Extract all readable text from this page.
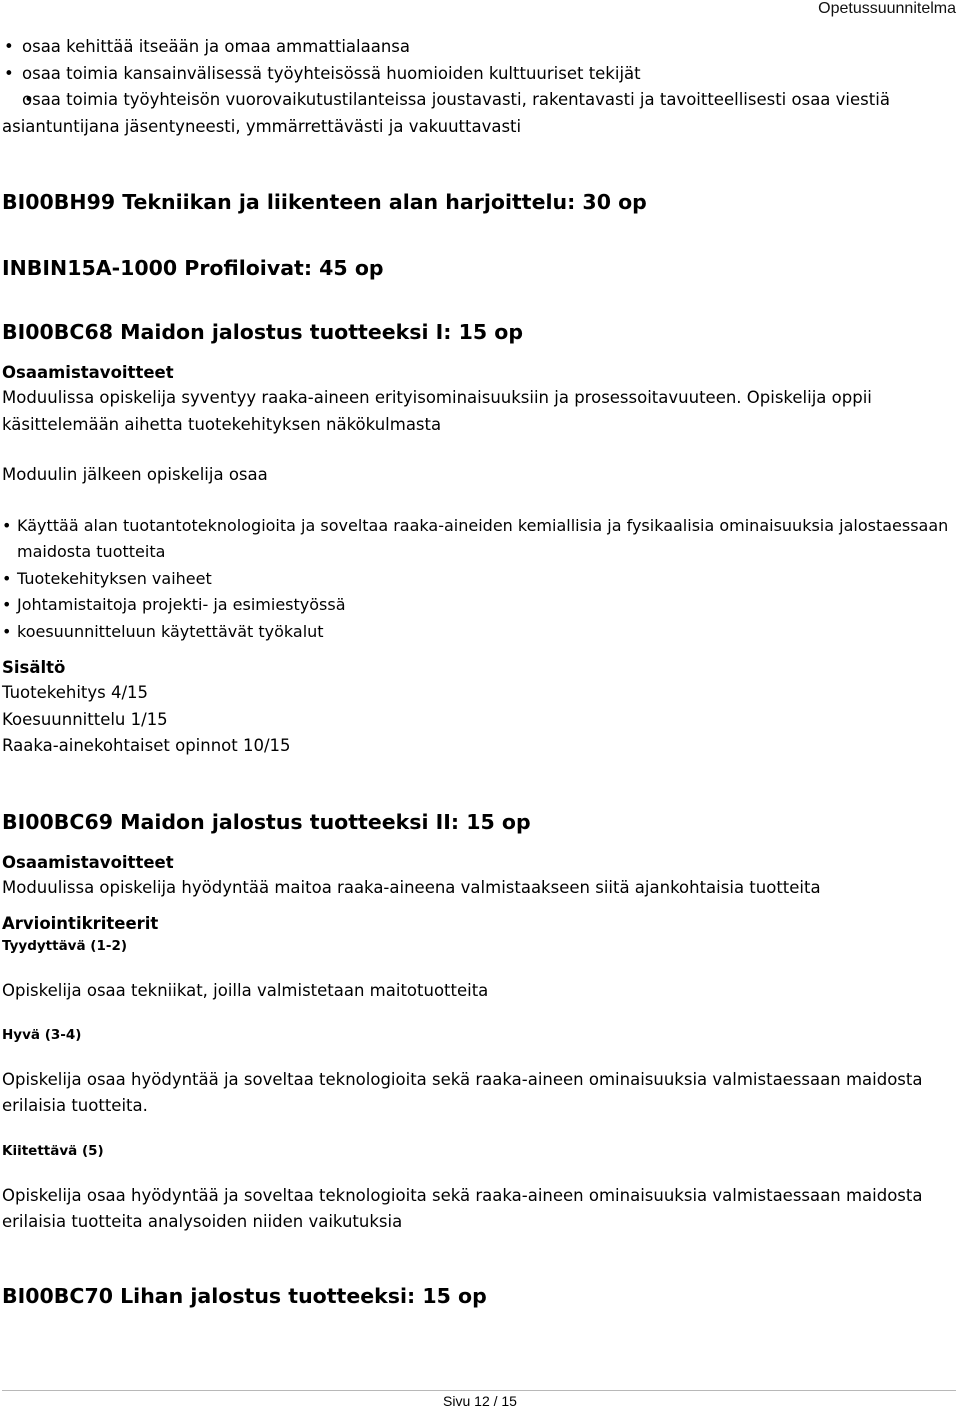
Opetussuunnitelma
• osaa kehittää itseään ja omaa ammattialaansa
• osaa toimia kansainvälisessä työyhteisössä huomioiden kulttuuriset tekijät
• osaa toimia työyhteisön vuorovaikutustilanteissa joustavasti, rakentavasti ja tavoitteellisesti osaa viestiä asiantuntijana jäsentyneesti, ymmärrettävästi ja vakuuttavasti
BI00BH99 Tekniikan ja liikenteen alan harjoittelu: 30 op
INBIN15A-1000 Profiloivat: 45 op
BI00BC68 Maidon jalostus tuotteeksi I: 15 op
Osaamistavoitteet
Moduulissa opiskelija syventyy raaka-aineen erityisominaisuuksiin ja prosessoitavuuteen. Opiskelija oppii käsittelemään aihetta tuotekehityksen näkökulmasta
Moduulin jälkeen opiskelija osaa
• Käyttää alan tuotantoteknologioita ja soveltaa raaka-aineiden kemiallisia ja fysikaalisia ominaisuuksia jalostaessaan maidosta tuotteita
• Tuotekehityksen vaiheet
• Johtamistaitoja projekti- ja esimiestyössä
• koesuunnitteluun käytettävät työkalut
Sisältö
Tuotekehitys 4/15
Koesuunnittelu 1/15
Raaka-ainekohtaiset opinnot 10/15
BI00BC69 Maidon jalostus tuotteeksi II: 15 op
Osaamistavoitteet
Moduulissa opiskelija hyödyntää maitoa raaka-aineena valmistaakseen siitä ajankohtaisia tuotteita
Arviointikriteerit
Tyydyttävä (1-2)
Opiskelija osaa tekniikat, joilla valmistetaan maitotuotteita
Hyvä (3-4)
Opiskelija osaa hyödyntää ja soveltaa teknologioita sekä raaka-aineen ominaisuuksia valmistaessaan maidosta erilaisia tuotteita.
Kiitettävä (5)
Opiskelija osaa hyödyntää ja soveltaa teknologioita sekä raaka-aineen ominaisuuksia valmistaessaan maidosta erilaisia tuotteita analysoiden niiden vaikutuksia
BI00BC70 Lihan jalostus tuotteeksi: 15 op
Sivu 12 / 15
